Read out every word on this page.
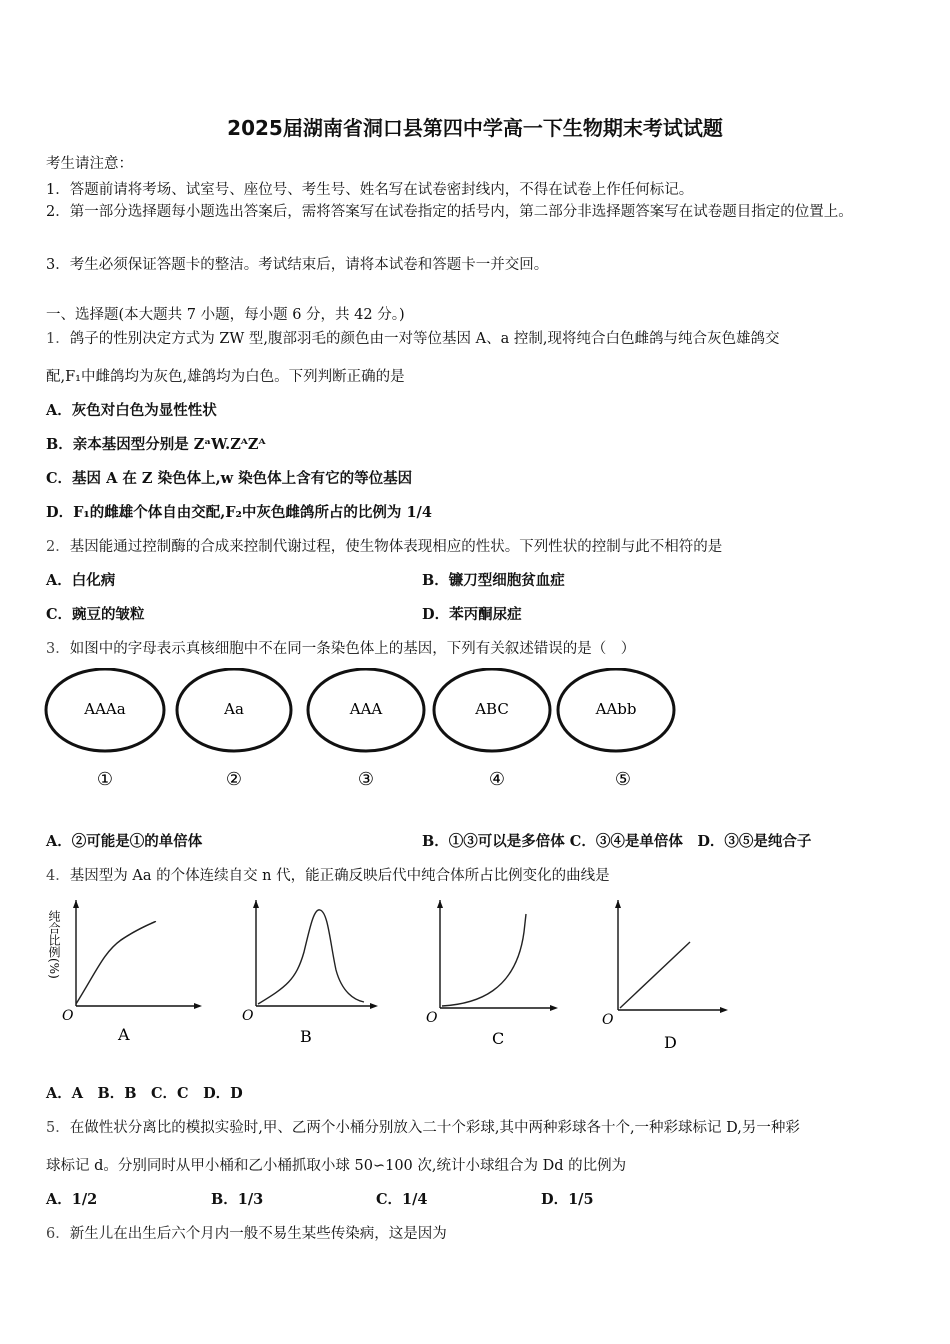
2025届湖南省洞口县第四中学高一下生物期末考试试题
考生请注意：
1．答题前请将考场、试室号、座位号、考生号、姓名写在试卷密封线内，不得在试卷上作任何标记。
2．第一部分选择题每小题选出答案后，需将答案写在试卷指定的括号内，第二部分非选择题答案写在试卷题目指定的位置上。
3．考生必须保证答题卡的整洁。考试结束后，请将本试卷和答题卡一并交回。
一、选择题(本大题共 7 小题，每小题 6 分，共 42 分。)
1．鸽子的性别决定方式为 ZW 型,腹部羽毛的颜色由一对等位基因 A、a 控制,现将纯合白色雌鸽与纯合灰色雄鸽交
配,F₁中雌鸽均为灰色,雄鸽均为白色。下列判断正确的是
A．灰色对白色为显性性状
B．亲本基因型分别是 ZᵃW.ZᴬZᴬ
C．基因 A 在 Z 染色体上,w 染色体上含有它的等位基因
D．F₁的雌雄个体自由交配,F₂中灰色雌鸽所占的比例为 1/4
2．基因能通过控制酶的合成来控制代谢过程，使生物体表现相应的性状。下列性状的控制与此不相符的是
A．白化病	B．镰刀型细胞贫血症
C．豌豆的皱粒	D．苯丙酮尿症
3．如图中的字母表示真核细胞中不在同一条染色体上的基因，下列有关叙述错误的是（　）
AAAa
①
Aa
②
AAA
③
ABC
④
AAbb
⑤
A．②可能是①的单倍体	B．①③可以是多倍体 C．③④是单倍体　D．③⑤是纯合子
4．基因型为 Aa 的个体连续自交 n 代，能正确反映后代中纯合体所占比例变化的曲线是
纯合比例(%)
O
A
O
B
O
C
O
D
A．A　B．B　C．C　D．D
5．在做性状分离比的模拟实验时,甲、乙两个小桶分别放入二十个彩球,其中两种彩球各十个,一种彩球标记 D,另一种彩
球标记 d。分别同时从甲小桶和乙小桶抓取小球 50∽100 次,统计小球组合为 Dd 的比例为
A．1/2	B．1/3	C．1/4	D．1/5
6．新生儿在出生后六个月内一般不易生某些传染病，这是因为
